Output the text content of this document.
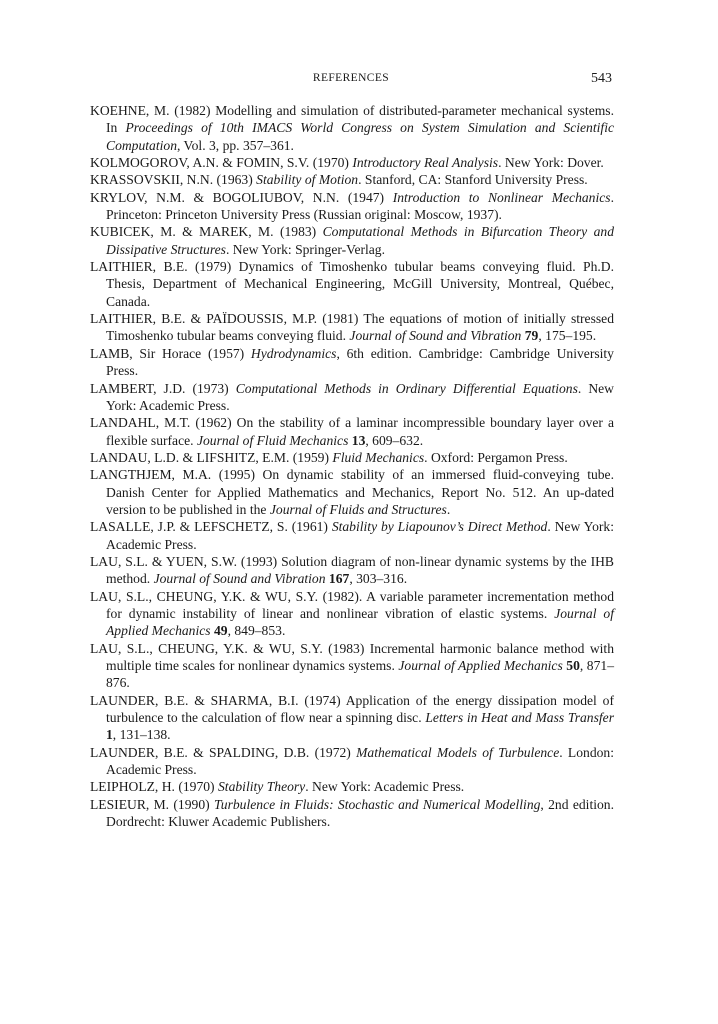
REFERENCES	543

KOEHNE, M. (1982) Modelling and simulation of distributed-parameter mechanical systems. In Proceedings of 10th IMACS World Congress on System Simulation and Scientific Computation, Vol. 3, pp. 357–361.

KOLMOGOROV, A.N. & FOMIN, S.V. (1970) Introductory Real Analysis. New York: Dover.

KRASSOVSKII, N.N. (1963) Stability of Motion. Stanford, CA: Stanford University Press.

KRYLOV, N.M. & BOGOLIUBOV, N.N. (1947) Introduction to Nonlinear Mechanics. Princeton: Princeton University Press (Russian original: Moscow, 1937).

KUBICEK, M. & MAREK, M. (1983) Computational Methods in Bifurcation Theory and Dissipative Structures. New York: Springer-Verlag.

LAITHIER, B.E. (1979) Dynamics of Timoshenko tubular beams conveying fluid. Ph.D. Thesis, Department of Mechanical Engineering, McGill University, Montreal, Québec, Canada.

LAITHIER, B.E. & PAÏDOUSSIS, M.P. (1981) The equations of motion of initially stressed Timoshenko tubular beams conveying fluid. Journal of Sound and Vibration 79, 175–195.

LAMB, Sir Horace (1957) Hydrodynamics, 6th edition. Cambridge: Cambridge University Press.

LAMBERT, J.D. (1973) Computational Methods in Ordinary Differential Equations. New York: Academic Press.

LANDAHL, M.T. (1962) On the stability of a laminar incompressible boundary layer over a flexible surface. Journal of Fluid Mechanics 13, 609–632.

LANDAU, L.D. & LIFSHITZ, E.M. (1959) Fluid Mechanics. Oxford: Pergamon Press.

LANGTHJEM, M.A. (1995) On dynamic stability of an immersed fluid-conveying tube. Danish Center for Applied Mathematics and Mechanics, Report No. 512. An up-dated version to be published in the Journal of Fluids and Structures.

LASALLE, J.P. & LEFSCHETZ, S. (1961) Stability by Liapounov’s Direct Method. New York: Academic Press.

LAU, S.L. & YUEN, S.W. (1993) Solution diagram of non-linear dynamic systems by the IHB method. Journal of Sound and Vibration 167, 303–316.

LAU, S.L., CHEUNG, Y.K. & WU, S.Y. (1982). A variable parameter incrementation method for dynamic instability of linear and nonlinear vibration of elastic systems. Journal of Applied Mechanics 49, 849–853.

LAU, S.L., CHEUNG, Y.K. & WU, S.Y. (1983) Incremental harmonic balance method with multiple time scales for nonlinear dynamics systems. Journal of Applied Mechanics 50, 871–876.

LAUNDER, B.E. & SHARMA, B.I. (1974) Application of the energy dissipation model of turbulence to the calculation of flow near a spinning disc. Letters in Heat and Mass Transfer 1, 131–138.

LAUNDER, B.E. & SPALDING, D.B. (1972) Mathematical Models of Turbulence. London: Academic Press.

LEIPHOLZ, H. (1970) Stability Theory. New York: Academic Press.

LESIEUR, M. (1990) Turbulence in Fluids: Stochastic and Numerical Modelling, 2nd edition. Dordrecht: Kluwer Academic Publishers.
